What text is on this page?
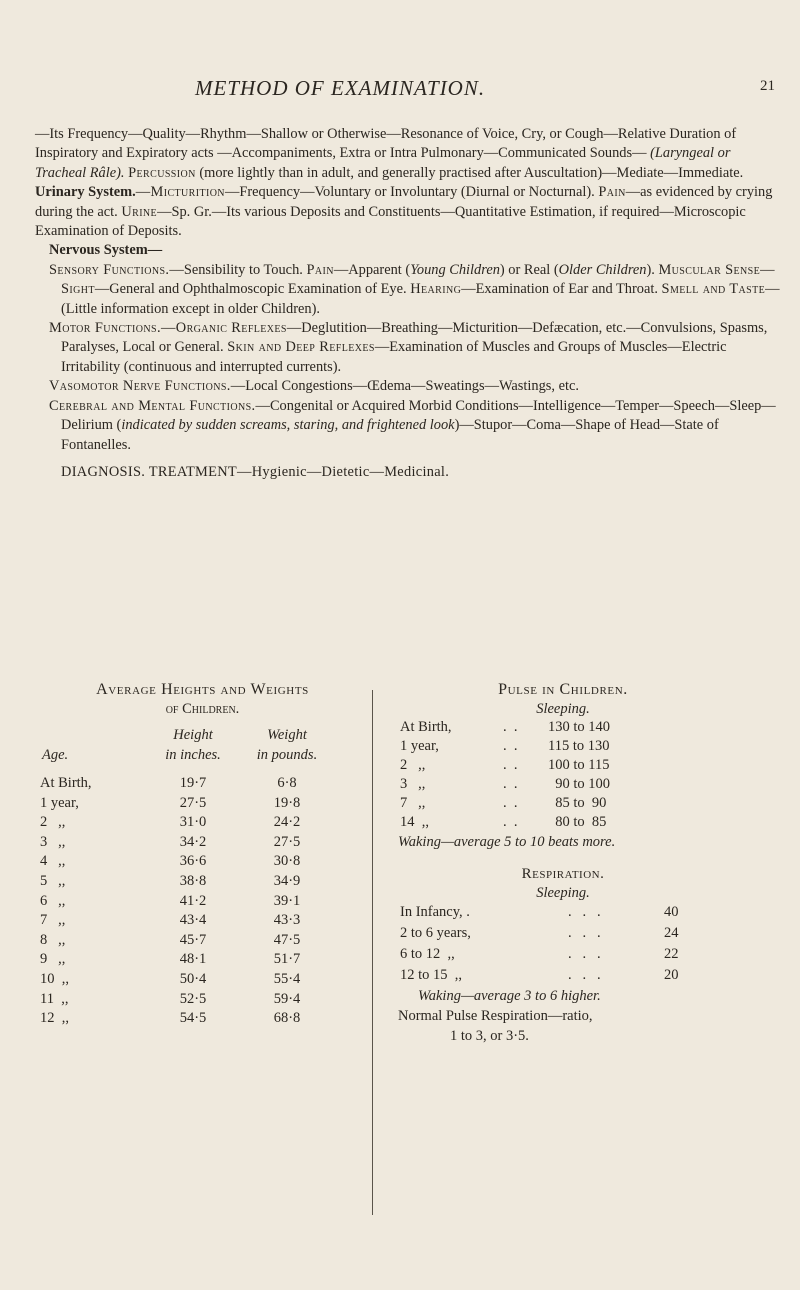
METHOD OF EXAMINATION.	21

—Its Frequency—Quality—Rhythm—Shallow or Otherwise—Resonance of Voice, Cry, or Cough—Relative Duration of Inspiratory and Expiratory acts —Accompaniments, Extra or Intra Pulmonary—Communicated Sounds— (Laryngeal or Tracheal Râle). Percussion (more lightly than in adult, and generally practised after Auscultation)—Mediate—Immediate.

Urinary System.—Micturition—Frequency—Voluntary or Involuntary (Diurnal or Nocturnal). Pain—as evidenced by crying during the act. Urine—Sp. Gr.—Its various Deposits and Constituents—Quantitative Estimation, if required—Microscopic Examination of Deposits.

Nervous System—

Sensory Functions.—Sensibility to Touch. Pain—Apparent (Young Children) or Real (Older Children). Muscular Sense—Sight—General and Ophthalmoscopic Examination of Eye. Hearing—Examination of Ear and Throat. Smell and Taste—(Little information except in older Children).

Motor Functions.—Organic Reflexes—Deglutition—Breathing—Micturition—Defæcation, etc.—Convulsions, Spasms, Paralyses, Local or General. Skin and Deep Reflexes—Examination of Muscles and Groups of Muscles—Electric Irritability (continuous and interrupted currents).

Vasomotor Nerve Functions.—Local Congestions—Œdema—Sweatings—Wastings, etc.

Cerebral and Mental Functions.—Congenital or Acquired Morbid Conditions—Intelligence—Temper—Speech—Sleep—Delirium (indicated by sudden screams, staring, and frightened look)—Stupor—Coma—Shape of Head—State of Fontanelles.

DIAGNOSIS. TREATMENT—Hygienic—Dietetic—Medicinal.

Average Heights and Weights
of Children.
Age.
Height
in inches.
Weight
in pounds.
At Birth,	19·7	6·8
1 year,	27·5	19·8
2   ,,	31·0	24·2
3   ,,	34·2	27·5
4   ,,	36·6	30·8
5   ,,	38·8	34·9
6   ,,	41·2	39·1
7   ,,	43·4	43·3
8   ,,	45·7	47·5
9   ,,	48·1	51·7
10  ,,	50·4	55·4
11  ,,	52·5	59·4
12  ,,	54·5	68·8
Pulse in Children.
Sleeping.
At Birth,	.  . 130 to 140
1 year,	.  . 115 to 130
2   ,,	.  . 100 to 115
3   ,,	.  . 90 to 100
7   ,,	.  . 85 to  90
14  ,,	.  . 80 to  85
Waking—average 5 to 10 beats more.
Respiration.
Sleeping.
In Infancy, .	.   .   .	40
2 to 6 years,	.   .   .	24
6 to 12  ,,	.   .   .	22
12 to 15  ,,	.   .   .	20
Waking—average 3 to 6 higher.
Normal Pulse Respiration—ratio,
1 to 3, or 3·5.
